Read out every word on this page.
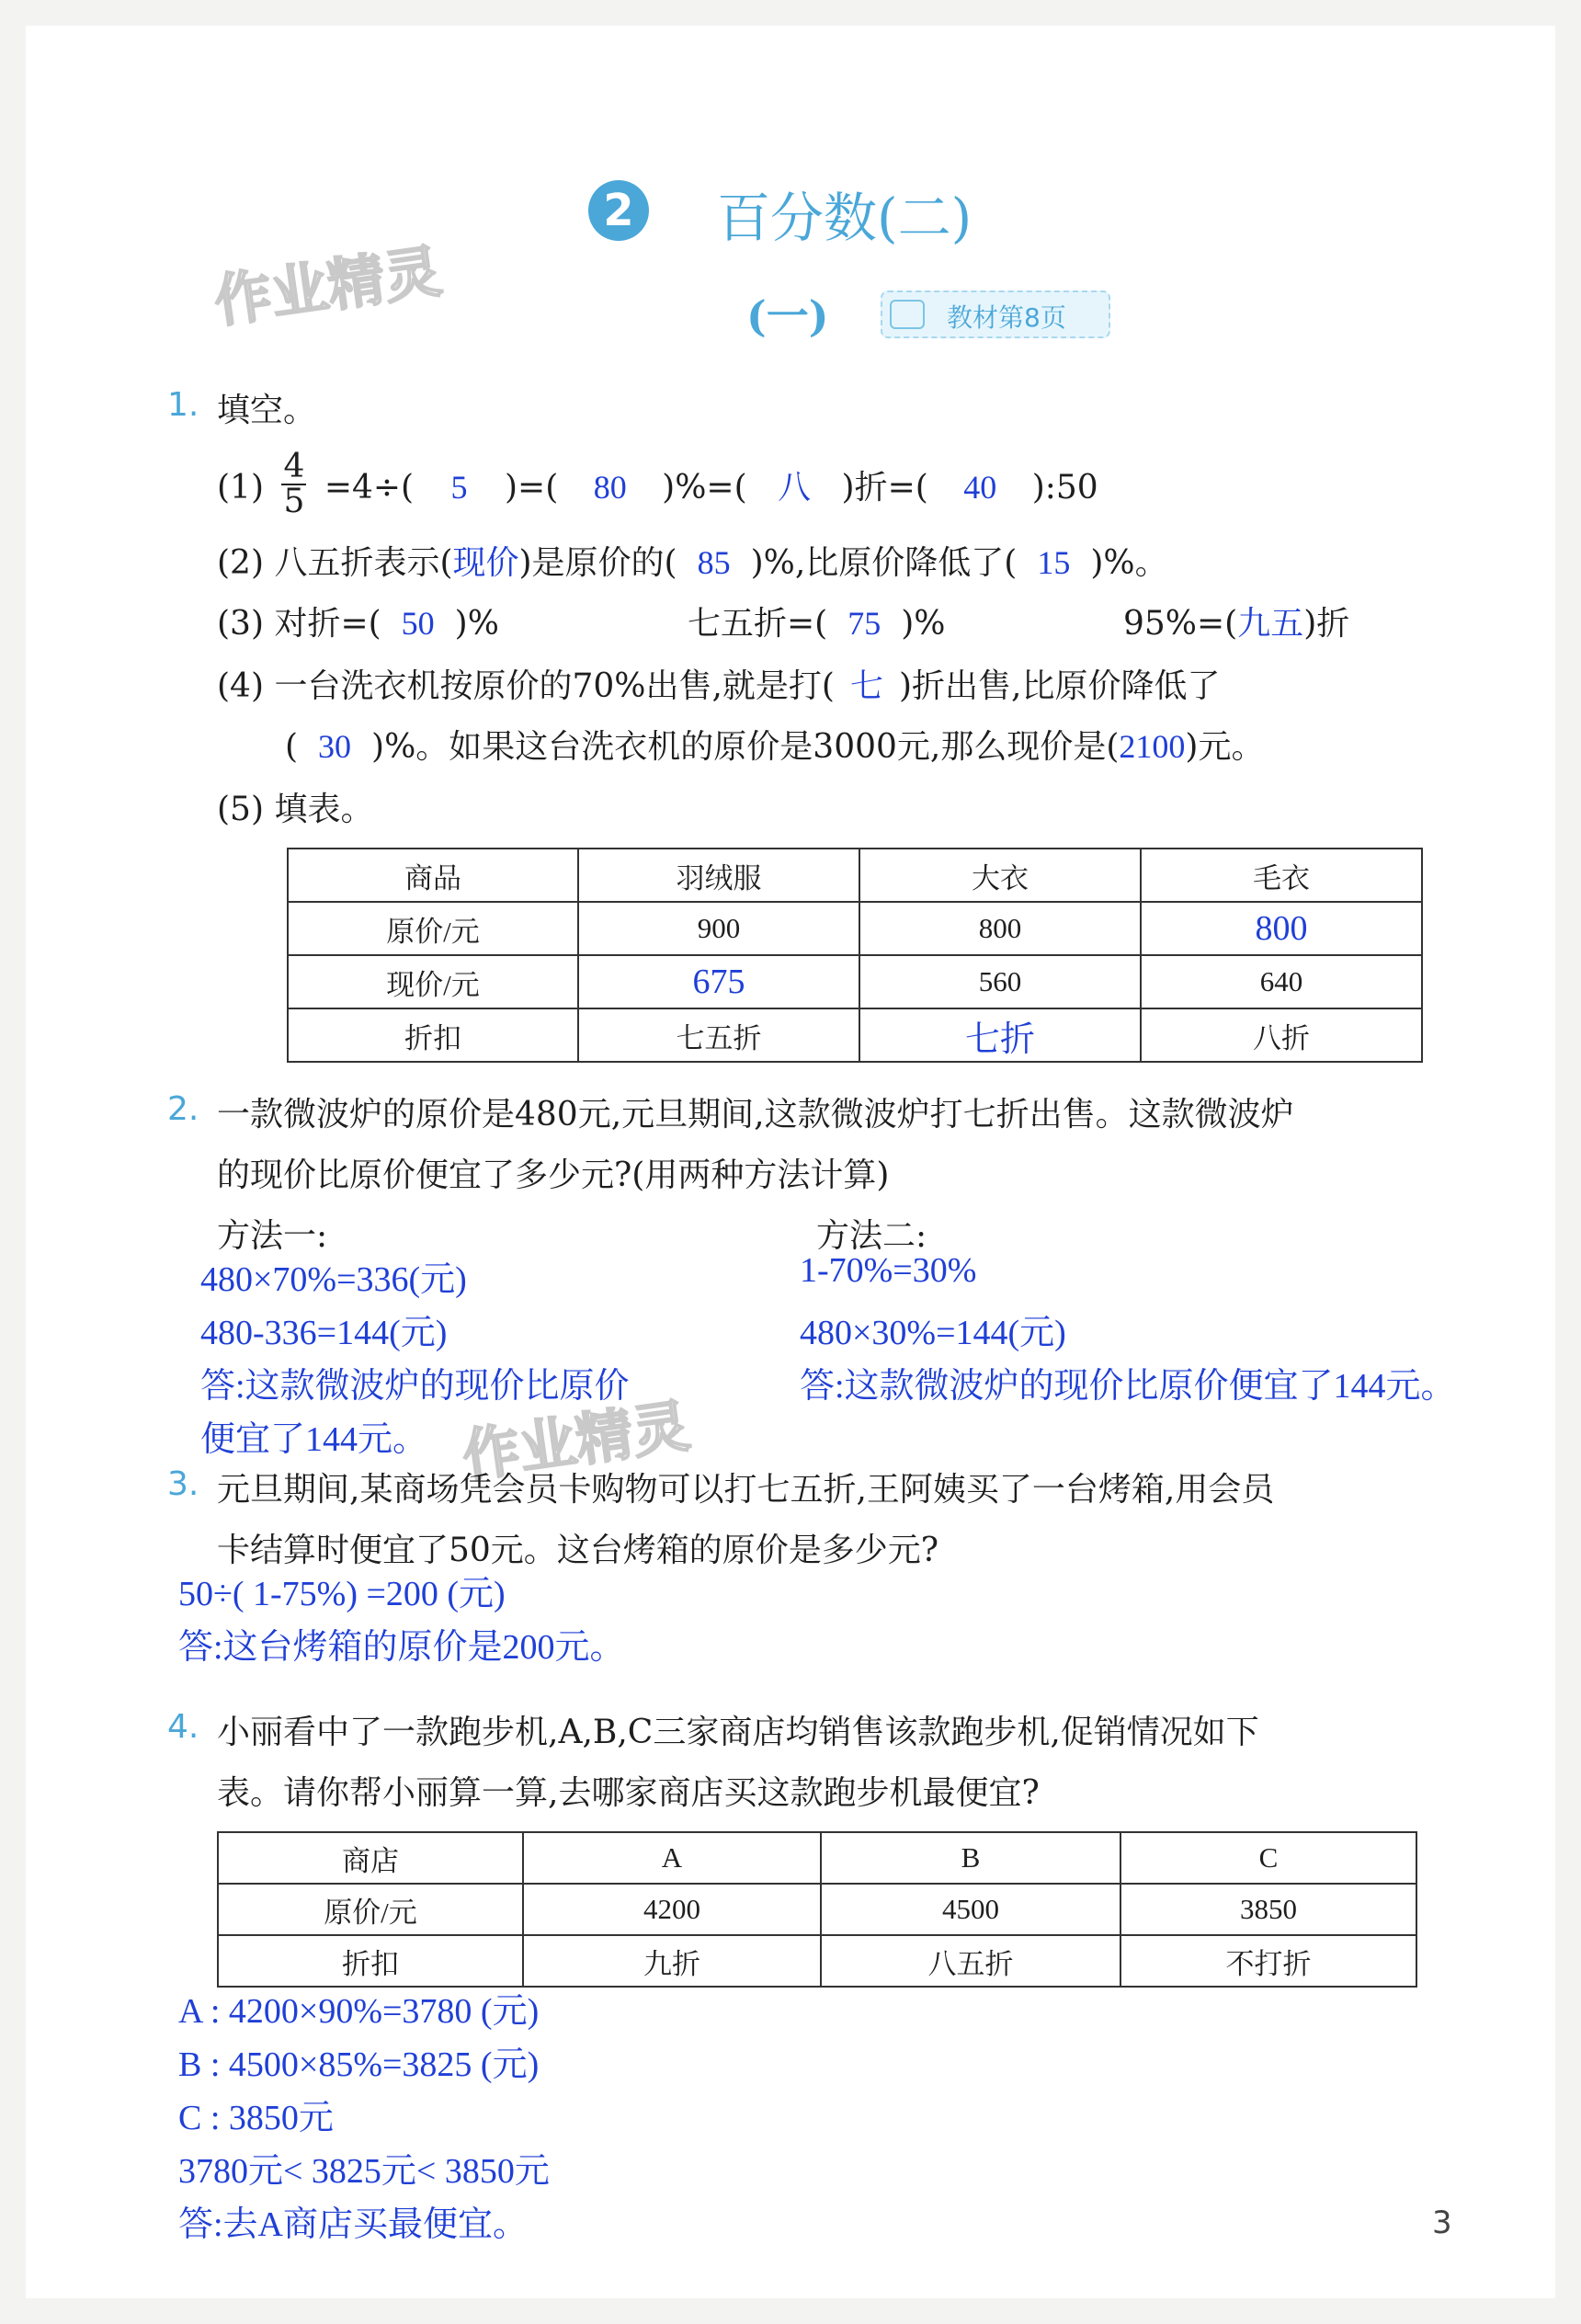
2 百分数(二)
(一)	教材第8页
作业精灵
作业精灵
1. 填空。
$(1) \frac{4}{5} =4\div$( 5 )=( 80 )%=( 八 )折=( 40 ):50
(2) 八五折表示(现价)是原价的( 85 )%,比原价降低了( 15 )%。
(3) 对折=( 50 )%	七五折=( 75 )%	95%=(九五)折
(4) 一台洗衣机按原价的70%出售,就是打( 七 )折出售,比原价降低了
( 30 )%。如果这台洗衣机的原价是3000元,那么现价是(2100)元。
(5) 填表。
商品	羽绒服	大衣	毛衣
原价/元	900	800	800
现价/元	675	560	640
折扣	七五折	七折	八折
2. 一款微波炉的原价是480元,元旦期间,这款微波炉打七折出售。这款微波炉
的现价比原价便宜了多少元?(用两种方法计算)
方法一:
480×70%=336(元)
480-336=144(元)
答:这款微波炉的现价比原价
便宜了144元。
方法二:
1-70%=30%
480×30%=144(元)
答:这款微波炉的现价比原价便宜了144元。
3. 元旦期间,某商场凭会员卡购物可以打七五折,王阿姨买了一台烤箱,用会员
卡结算时便宜了50元。这台烤箱的原价是多少元?
50÷( 1-75%) =200 (元)
答:这台烤箱的原价是200元。
4. 小丽看中了一款跑步机,A,B,C三家商店均销售该款跑步机,促销情况如下
表。请你帮小丽算一算,去哪家商店买这款跑步机最便宜?
商店	A	B	C
原价/元	4200	4500	3850
折扣	九折	八五折	不打折
A : 4200×90%=3780 (元)
B : 4500×85%=3825 (元)
C : 3850元
3780元< 3825元< 3850元
答:去A商店买最便宜。	3
